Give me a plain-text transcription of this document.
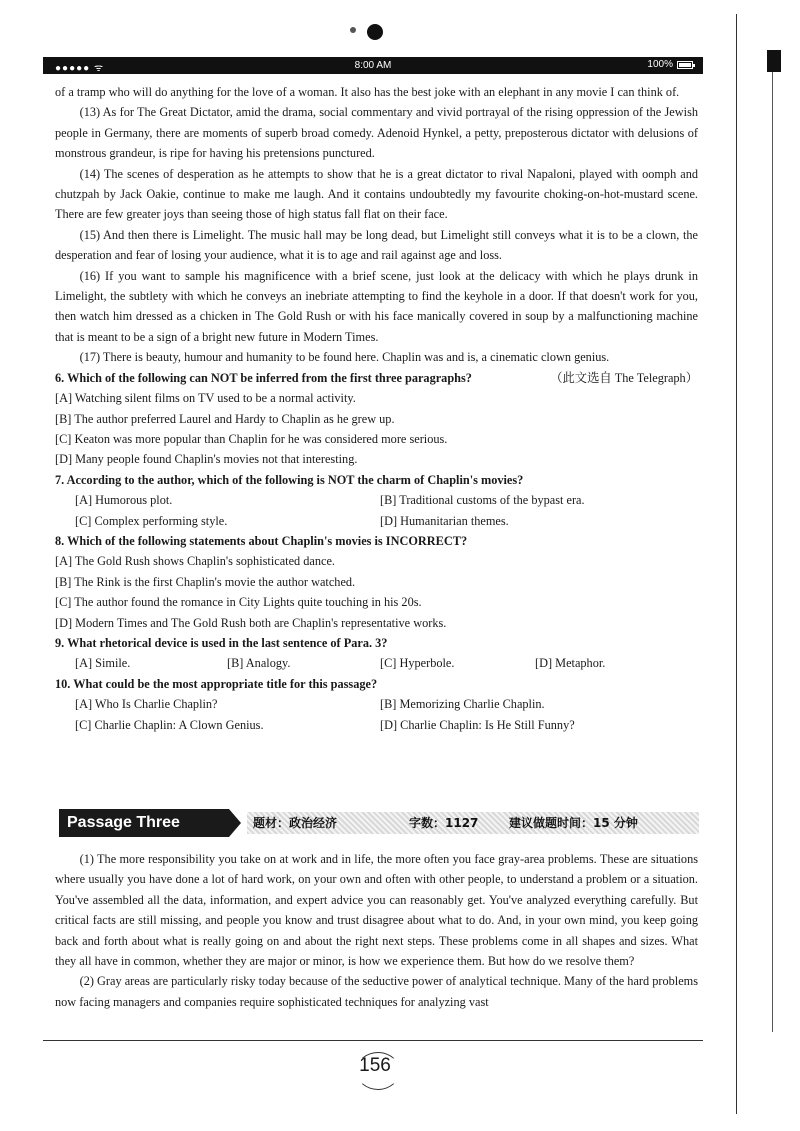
●●●●● ᯤ	8:00 AM	100%

of a tramp who will do anything for the love of a woman. It also has the best joke with an elephant in any movie I can think of.

(13) As for The Great Dictator, amid the drama, social commentary and vivid portrayal of the rising oppression of the Jewish people in Germany, there are moments of superb broad comedy. Adenoid Hynkel, a petty, preposterous dictator with delusions of monstrous grandeur, is ripe for having his pretensions punctured.

(14) The scenes of desperation as he attempts to show that he is a great dictator to rival Napaloni, played with oomph and chutzpah by Jack Oakie, continue to make me laugh. And it contains undoubtedly my favourite choking-on-hot-mustard scene. There are few greater joys than seeing those of high status fall flat on their face.

(15) And then there is Limelight. The music hall may be long dead, but Limelight still conveys what it is to be a clown, the desperation and fear of losing your audience, what it is to age and rail against age and loss.

(16) If you want to sample his magnificence with a brief scene, just look at the delicacy with which he plays drunk in Limelight, the subtlety with which he conveys an inebriate attempting to find the keyhole in a door. If that doesn't work for you, then watch him dressed as a chicken in The Gold Rush or with his face manically covered in soup by a malfunctioning machine that is meant to be a sign of a bright new future in Modern Times.

(17) There is beauty, humour and humanity to be found here. Chaplin was and is, a cinematic clown genius.
（此文选自 The Telegraph）

6. Which of the following can NOT be inferred from the first three paragraphs?

[A] Watching silent films on TV used to be a normal activity.

[B] The author preferred Laurel and Hardy to Chaplin as he grew up.

[C] Keaton was more popular than Chaplin for he was considered more serious.

[D] Many people found Chaplin's movies not that interesting.

7. According to the author, which of the following is NOT the charm of Chaplin's movies?

[A] Humorous plot.	[B] Traditional customs of the bypast era.
[C] Complex performing style.	[D] Humanitarian themes.

8. Which of the following statements about Chaplin's movies is INCORRECT?

[A] The Gold Rush shows Chaplin's sophisticated dance.

[B] The Rink is the first Chaplin's movie the author watched.

[C] The author found the romance in City Lights quite touching in his 20s.

[D] Modern Times and The Gold Rush both are Chaplin's representative works.

9. What rhetorical device is used in the last sentence of Para. 3?

[A] Simile.	[B] Analogy.	[C] Hyperbole.	[D] Metaphor.

10. What could be the most appropriate title for this passage?

[A] Who Is Charlie Chaplin?	[B] Memorizing Charlie Chaplin.
[C] Charlie Chaplin: A Clown Genius.	[D] Charlie Chaplin: Is He Still Funny?
Passage Three	题材：政治经济	字数：1127	建议做题时间：15 分钟

(1) The more responsibility you take on at work and in life, the more often you face gray-area problems. These are situations where usually you have done a lot of hard work, on your own and often with other people, to understand a problem or a situation. You've assembled all the data, information, and expert advice you can reasonably get. You've analyzed everything carefully. But critical facts are still missing, and people you know and trust disagree about what to do. And, in your own mind, you keep going back and forth about what is really going on and about the right next steps. These problems come in all shapes and sizes. What they all have in common, whether they are major or minor, is how we experience them. But how do we resolve them?

(2) Gray areas are particularly risky today because of the seductive power of analytical technique. Many of the hard problems now facing managers and companies require sophisticated techniques for analyzing vast

156
